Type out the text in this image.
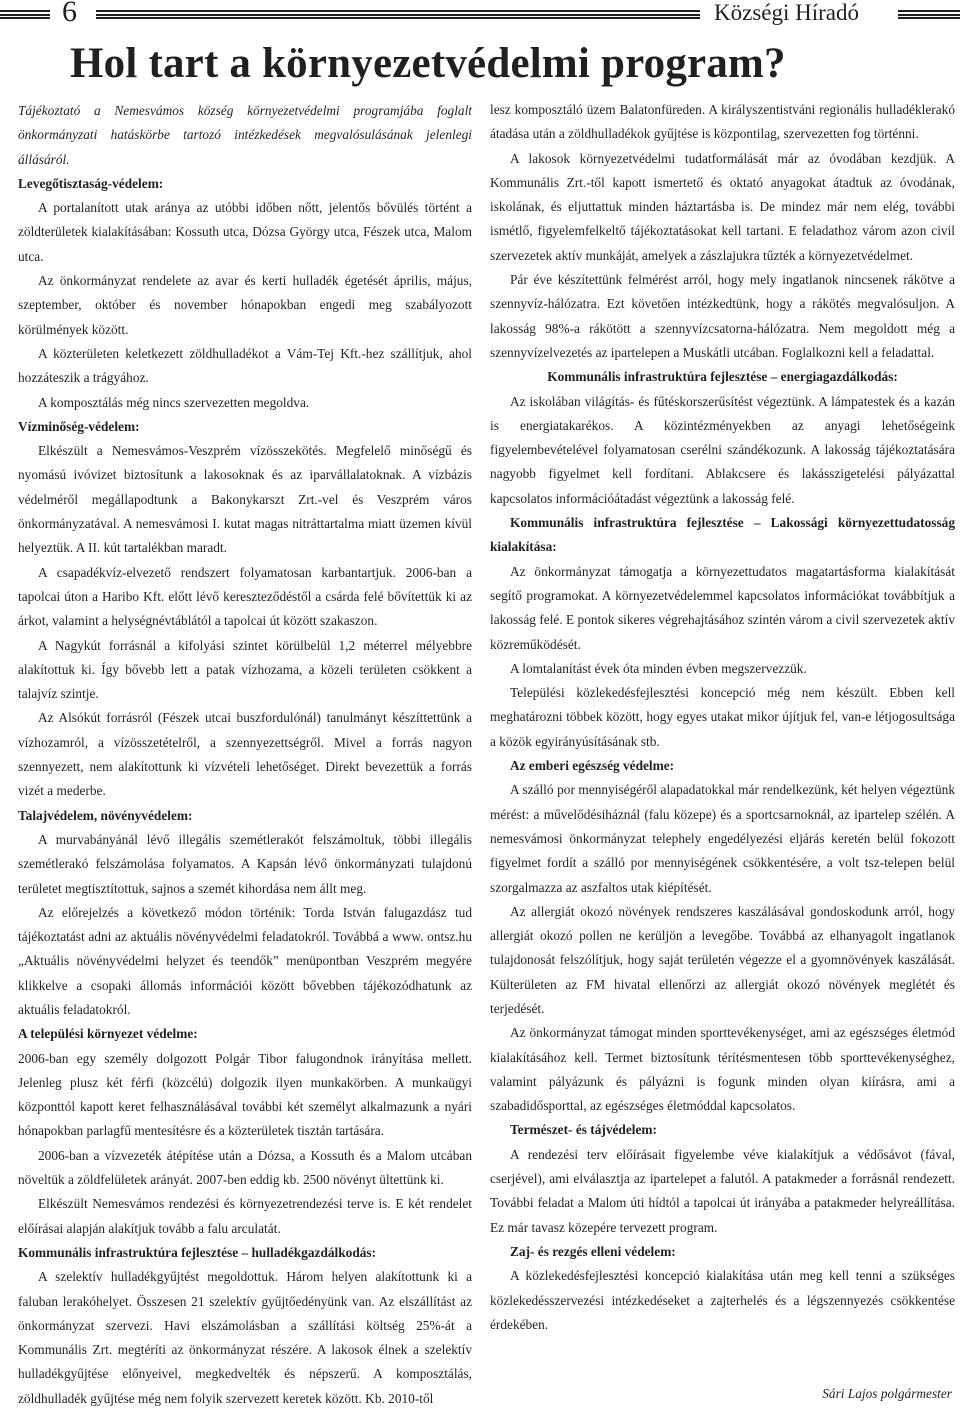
6	Községi Híradó
Hol tart a környezetvédelmi program?

Tájékoztató a Nemesvámos község környezetvédelmi programjába foglalt önkormányzati hatáskörbe tartozó intézkedések megvalósulásának jelenlegi állásáról.

Levegőtisztaság-védelem:

A portalanított utak aránya az utóbbi időben nőtt, jelentős bővülés történt a zöldterületek kialakításában: Kossuth utca, Dózsa György utca, Fészek utca, Malom utca.

Az önkormányzat rendelete az avar és kerti hulladék égetését április, május, szeptember, október és november hónapokban engedi meg szabályozott körülmények között.

A közterületen keletkezett zöldhulladékot a Vám-Tej Kft.-hez szállítjuk, ahol hozzáteszik a trágyához.

A komposztálás még nincs szervezetten megoldva.

Vízminőség-védelem:

Elkészült a Nemesvámos-Veszprém vízösszekötés. Megfelelő minőségű és nyomású ivóvizet biztosítunk a lakosoknak és az iparvállalatoknak. A vízbázis védelméről megállapodtunk a Bakonykarszt Zrt.-vel és Veszprém város önkormányzatával. A nemesvámosi I. kutat magas nitráttartalma miatt üzemen kívül helyeztük. A II. kút tartalékban maradt.

A csapadékvíz-elvezető rendszert folyamatosan karbantartjuk. 2006-ban a tapolcai úton a Haribo Kft. előtt lévő kereszteződéstől a csárda felé bővítettük ki az árkot, valamint a helységnévtáblától a tapolcai út között szakaszon.

A Nagykút forrásnál a kifolyási szintet körülbelül 1,2 méterrel mélyebbre alakítottuk ki. Így bővebb lett a patak vízhozama, a közeli területen csökkent a talajvíz szintje.

Az Alsókút forrásról (Fészek utcai buszfordulónál) tanulmányt készíttettünk a vízhozamról, a vízösszetételről, a szennyezettségről. Mivel a forrás nagyon szennyezett, nem alakítottunk ki vízvételi lehetőséget. Direkt bevezettük a forrás vizét a mederbe.

Talajvédelem, növényvédelem:

A murvabányánál lévő illegális szemétlerakót felszámoltuk, többi illegális szemétlerakó felszámolása folyamatos. A Kapsán lévő önkormányzati tulajdonú területet megtisztítottuk, sajnos a szemét kihordása nem állt meg.

Az előrejelzés a következő módon történik: Torda István falugazdász tud tájékoztatást adni az aktuális növényvédelmi feladatokról. Továbbá a www. ontsz.hu „Aktuális növényvédelmi helyzet és teendők” menüpontban Veszprém megyére klikkelve a csopaki állomás információi között bővebben tájékozódhatunk az aktuális feladatokról.

A települési környezet védelme:

2006-ban egy személy dolgozott Polgár Tibor falugondnok irányítása mellett. Jelenleg plusz két férfi (közcélú) dolgozik ilyen munkakörben. A munkaügyi központtól kapott keret felhasználásával további két személyt alkalmazunk a nyári hónapokban parlagfű mentesítésre és a közterületek tisztán tartására.

2006-ban a vízvezeték átépítése után a Dózsa, a Kossuth és a Malom utcában növeltük a zöldfelületek arányát. 2007-ben eddig kb. 2500 növényt ültettünk ki.

Elkészült Nemesvámos rendezési és környezetrendezési terve is. E két rendelet előírásai alapján alakítjuk tovább a falu arculatát.

Kommunális infrastruktúra fejlesztése – hulladékgazdálkodás:

A szelektív hulladékgyűjtést megoldottuk. Három helyen alakítottunk ki a faluban lerakóhelyet. Összesen 21 szelektív gyűjtőedényünk van. Az elszállítást az önkormányzat szervezi. Havi elszámolásban a szállítási költség 25%-át a Kommunális Zrt. megtéríti az önkormányzat részére. A lakosok élnek a szelektív hulladékgyűjtése előnyeivel, megkedvelték és népszerű. A komposztálás, zöldhulladék gyűjtése még nem folyik szervezett keretek között. Kb. 2010-től

lesz komposztáló üzem Balatonfüreden. A királyszentistváni regionális hulladéklerakó átadása után a zöldhulladékok gyűjtése is központilag, szervezetten fog történni.

A lakosok környezetvédelmi tudatformálását már az óvodában kezdjük. A Kommunális Zrt.-től kapott ismertető és oktató anyagokat átadtuk az óvodának, iskolának, és eljuttattuk minden háztartásba is. De mindez már nem elég, további ismétlő, figyelemfelkeltő tájékoztatásokat kell tartani. E feladathoz várom azon civil szervezetek aktív munkáját, amelyek a zászlajukra tűzték a környezetvédelmet.

Pár éve készítettünk felmérést arról, hogy mely ingatlanok nincsenek rákötve a szennyvíz-hálózatra. Ezt követően intézkedtünk, hogy a rákötés megvalósuljon. A lakosság 98%-a rákötött a szennyvízcsatorna-hálózatra. Nem megoldott még a szennyvízelvezetés az ipartelepen a Muskátli utcában. Foglalkozni kell a feladattal.

Kommunális infrastruktúra fejlesztése – energiagazdálkodás:

Az iskolában világítás- és fűtéskorszerűsítést végeztünk. A lámpatestek és a kazán is energiatakarékos. A közintézményekben az anyagi lehetőségeink figyelembevételével folyamatosan cserélni szándékozunk. A lakosság tájékoztatására nagyobb figyelmet kell fordítani. Ablakcsere és lakásszigetelési pályázattal kapcsolatos információátadást végeztünk a lakosság felé.

Kommunális infrastruktúra fejlesztése – Lakossági környezettudatosság kialakítása:

Az önkormányzat támogatja a környezettudatos magatartásforma kialakítását segítő programokat. A környezetvédelemmel kapcsolatos információkat továbbítjuk a lakosság felé. E pontok sikeres végrehajtásához szintén várom a civil szervezetek aktív közreműködését.

A lomtalanítást évek óta minden évben megszervezzük.

Települési közlekedésfejlesztési koncepció még nem készült. Ebben kell meghatározni többek között, hogy egyes utakat mikor újítjuk fel, van-e létjogosultsága a közök egyirányúsításának stb.

Az emberi egészség védelme:

A szálló por mennyiségéről alapadatokkal már rendelkezünk, két helyen végeztünk mérést: a művelődésiháznál (falu közepe) és a sportcsarnoknál, az ipartelep szélén. A nemesvámosi önkormányzat telephely engedélyezési eljárás keretén belül fokozott figyelmet fordít a szálló por mennyiségének csökkentésére, a volt tsz-telepen belül szorgalmazza az aszfaltos utak kiépítését.

Az allergiát okozó növények rendszeres kaszálásával gondoskodunk arról, hogy allergiát okozó pollen ne kerüljön a levegőbe. Továbbá az elhanyagolt ingatlanok tulajdonosát felszólítjuk, hogy saját területén végezze el a gyomnövények kaszálását. Külterületen az FM hivatal ellenőrzi az allergiát okozó növények meglétét és terjedését.

Az önkormányzat támogat minden sporttevékenységet, ami az egészséges életmód kialakításához kell. Termet biztosítunk térítésmentesen több sporttevékenységhez, valamint pályázunk és pályázni is fogunk minden olyan kiírásra, ami a szabadidősporttal, az egészséges életmóddal kapcsolatos.

Természet- és tájvédelem:

A rendezési terv előírásait figyelembe véve kialakítjuk a védősávot (fával, cserjével), ami elválasztja az ipartelepet a falutól. A patakmeder a forrásnál rendezett. További feladat a Malom úti hídtól a tapolcai út irányába a patakmeder helyreállítása. Ez már tavasz közepére tervezett program.

Zaj- és rezgés elleni védelem:

A közlekedésfejlesztési koncepció kialakítása után meg kell tenni a szükséges közlekedésszervezési intézkedéseket a zajterhelés és a légszennyezés csökkentése érdekében.

Sári Lajos polgármester
